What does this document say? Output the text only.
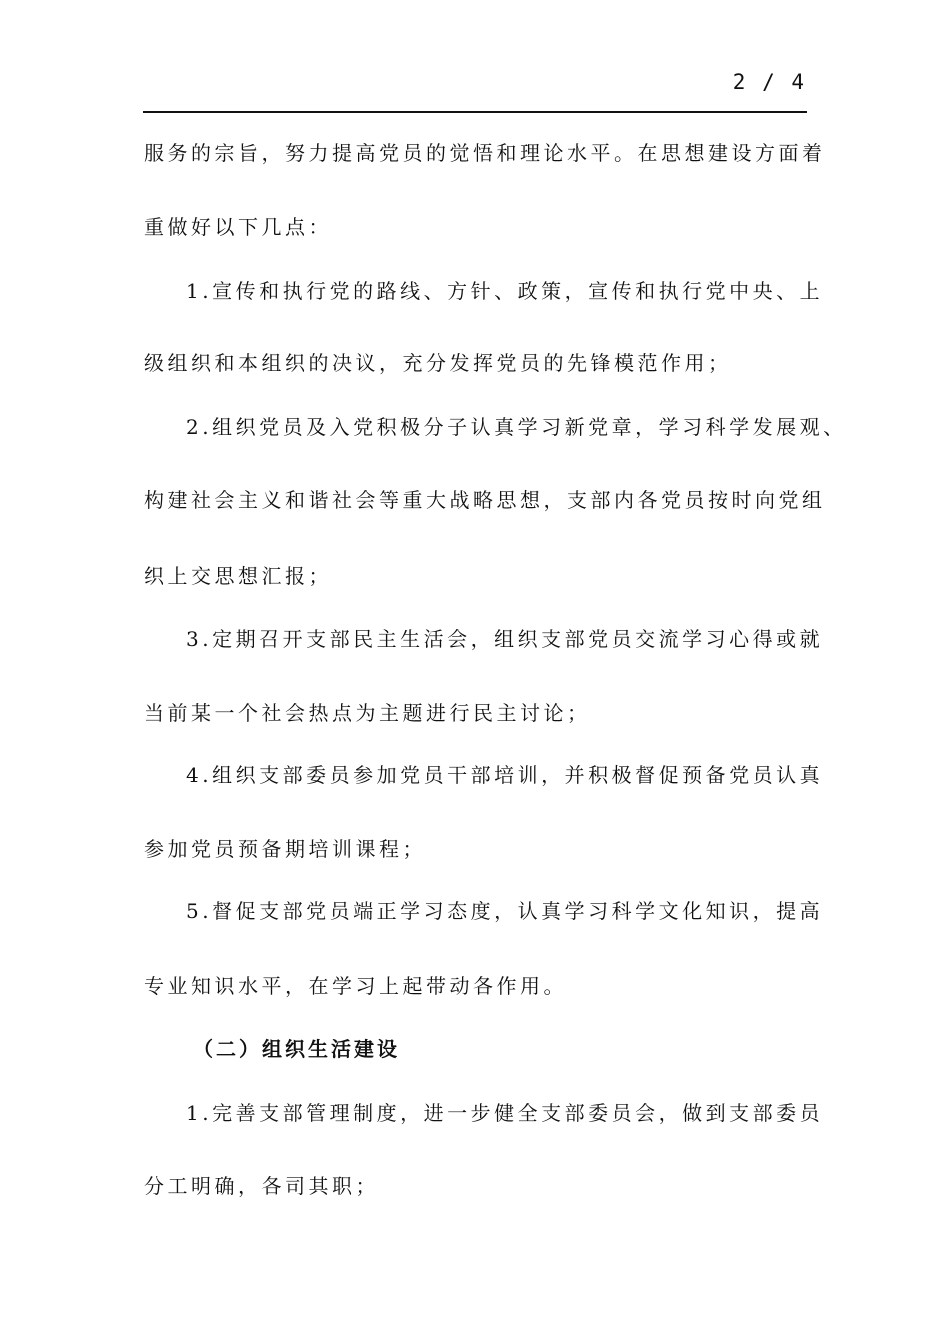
2 / 4
服务的宗旨，努力提高党员的觉悟和理论水平。在思想建设方面着
重做好以下几点：
1.宣传和执行党的路线、方针、政策，宣传和执行党中央、上
级组织和本组织的决议，充分发挥党员的先锋模范作用；
2.组织党员及入党积极分子认真学习新党章，学习科学发展观、
构建社会主义和谐社会等重大战略思想，支部内各党员按时向党组
织上交思想汇报；
3.定期召开支部民主生活会，组织支部党员交流学习心得或就
当前某一个社会热点为主题进行民主讨论；
4.组织支部委员参加党员干部培训，并积极督促预备党员认真
参加党员预备期培训课程；
5.督促支部党员端正学习态度，认真学习科学文化知识，提高
专业知识水平，在学习上起带动各作用。
（二）组织生活建设
1.完善支部管理制度，进一步健全支部委员会，做到支部委员
分工明确，各司其职；
